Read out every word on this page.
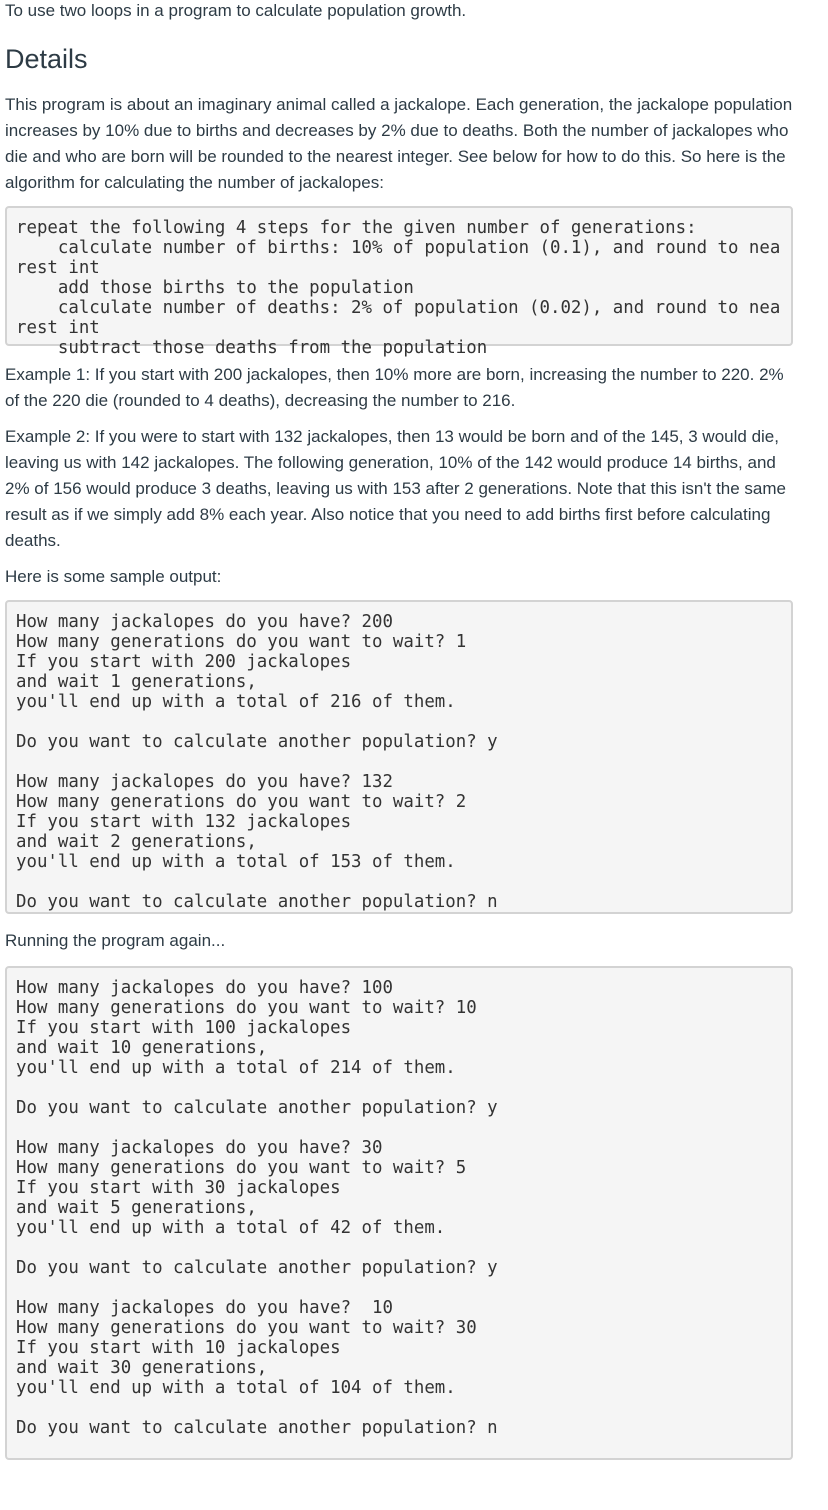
To use two loops in a program to calculate population growth.

Details

This program is about an imaginary animal called a jackalope. Each generation, the jackalope population increases by 10% due to births and decreases by 2% due to deaths. Both the number of jackalopes who die and who are born will be rounded to the nearest integer. See below for how to do this. So here is the algorithm for calculating the number of jackalopes:

repeat the following 4 steps for the given number of generations:
calculate number of births: 10% of population (0.1), and round to nearest int
add those births to the population
calculate number of deaths: 2% of population (0.02), and round to nearest int
subtract those deaths from the population

Example 1: If you start with 200 jackalopes, then 10% more are born, increasing the number to 220. 2% of the 220 die (rounded to 4 deaths), decreasing the number to 216.

Example 2: If you were to start with 132 jackalopes, then 13 would be born and of the 145, 3 would die, leaving us with 142 jackalopes. The following generation, 10% of the 142 would produce 14 births, and 2% of 156 would produce 3 deaths, leaving us with 153 after 2 generations. Note that this isn't the same result as if we simply add 8% each year. Also notice that you need to add births first before calculating deaths.

Here is some sample output:

How many jackalopes do you have? 200
How many generations do you want to wait? 1
If you start with 200 jackalopes
and wait 1 generations,
you'll end up with a total of 216 of them.
Do you want to calculate another population? y
How many jackalopes do you have? 132
How many generations do you want to wait? 2
If you start with 132 jackalopes
and wait 2 generations,
you'll end up with a total of 153 of them.
Do you want to calculate another population? n

Running the program again...

How many jackalopes do you have? 100
How many generations do you want to wait? 10
If you start with 100 jackalopes
and wait 10 generations,
you'll end up with a total of 214 of them.
Do you want to calculate another population? y
How many jackalopes do you have? 30
How many generations do you want to wait? 5
If you start with 30 jackalopes
and wait 5 generations,
you'll end up with a total of 42 of them.
Do you want to calculate another population? y
How many jackalopes do you have?  10
How many generations do you want to wait? 30
If you start with 10 jackalopes
and wait 30 generations,
you'll end up with a total of 104 of them.
Do you want to calculate another population? n
